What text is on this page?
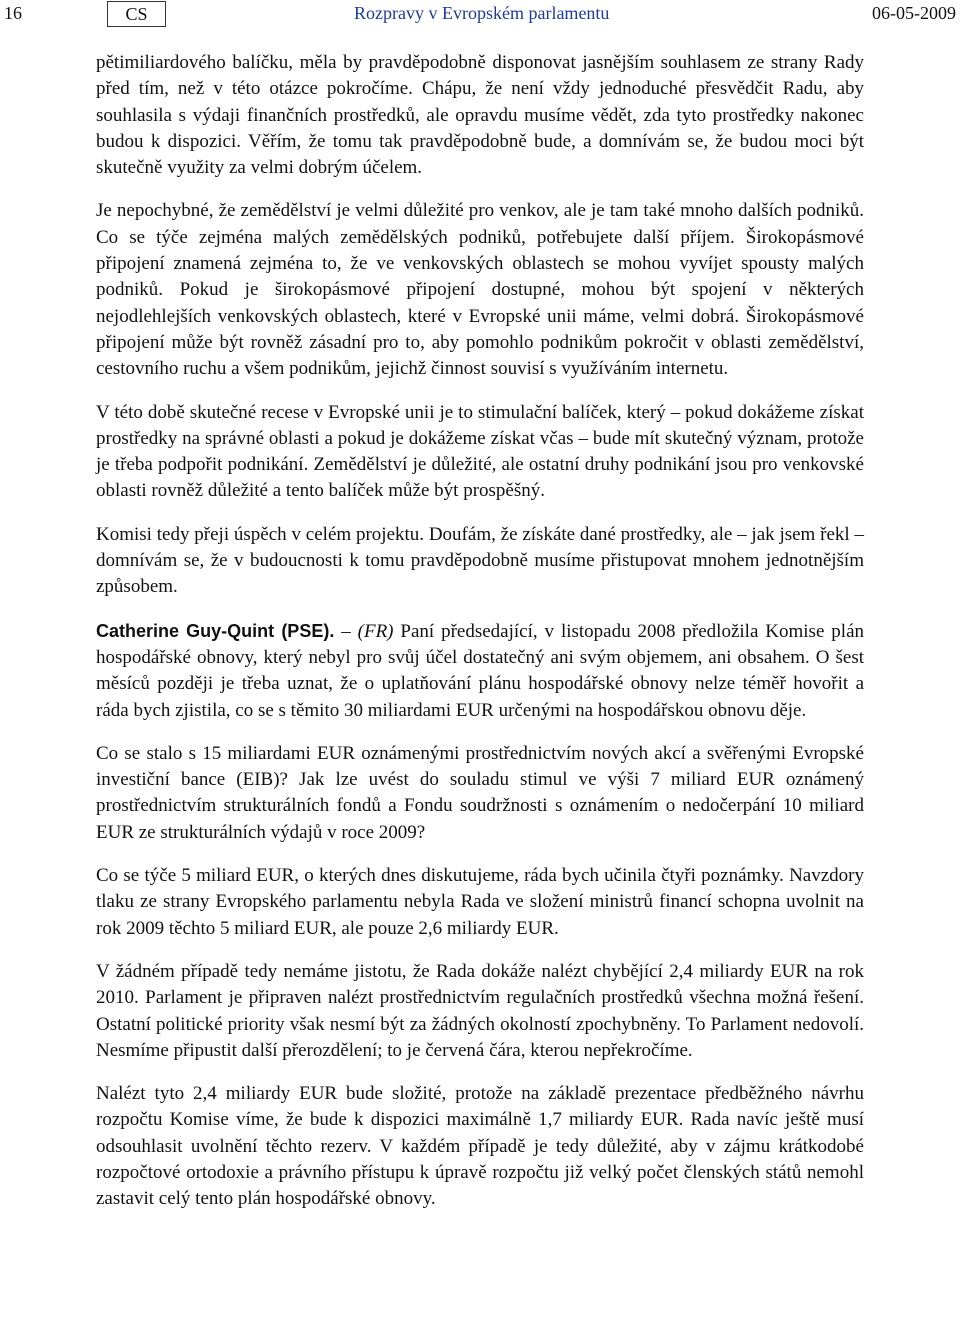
16	CS	Rozpravy v Evropském parlamentu	06-05-2009

pětimiliardového balíčku, měla by pravděpodobně disponovat jasnějším souhlasem ze strany Rady před tím, než v této otázce pokročíme. Chápu, že není vždy jednoduché přesvědčit Radu, aby souhlasila s výdaji finančních prostředků, ale opravdu musíme vědět, zda tyto prostředky nakonec budou k dispozici. Věřím, že tomu tak pravděpodobně bude, a domnívám se, že budou moci být skutečně využity za velmi dobrým účelem.

Je nepochybné, že zemědělství je velmi důležité pro venkov, ale je tam také mnoho dalších podniků. Co se týče zejména malých zemědělských podniků, potřebujete další příjem. Širokopásmové připojení znamená zejména to, že ve venkovských oblastech se mohou vyvíjet spousty malých podniků. Pokud je širokopásmové připojení dostupné, mohou být spojení v některých nejodlehlejších venkovských oblastech, které v Evropské unii máme, velmi dobrá. Širokopásmové připojení může být rovněž zásadní pro to, aby pomohlo podnikům pokročit v oblasti zemědělství, cestovního ruchu a všem podnikům, jejichž činnost souvisí s využíváním internetu.

V této době skutečné recese v Evropské unii je to stimulační balíček, který – pokud dokážeme získat prostředky na správné oblasti a pokud je dokážeme získat včas – bude mít skutečný význam, protože je třeba podpořit podnikání. Zemědělství je důležité, ale ostatní druhy podnikání jsou pro venkovské oblasti rovněž důležité a tento balíček může být prospěšný.

Komisi tedy přeji úspěch v celém projektu. Doufám, že získáte dané prostředky, ale – jak jsem řekl – domnívám se, že v budoucnosti k tomu pravděpodobně musíme přistupovat mnohem jednotnějším způsobem.

Catherine Guy-Quint (PSE). – (FR) Paní předsedající, v listopadu 2008 předložila Komise plán hospodářské obnovy, který nebyl pro svůj účel dostatečný ani svým objemem, ani obsahem. O šest měsíců později je třeba uznat, že o uplatňování plánu hospodářské obnovy nelze téměř hovořit a ráda bych zjistila, co se s těmito 30 miliardami EUR určenými na hospodářskou obnovu děje.

Co se stalo s 15 miliardami EUR oznámenými prostřednictvím nových akcí a svěřenými Evropské investiční bance (EIB)? Jak lze uvést do souladu stimul ve výši 7 miliard EUR oznámený prostřednictvím strukturálních fondů a Fondu soudržnosti s oznámením o nedočerpání 10 miliard EUR ze strukturálních výdajů v roce 2009?

Co se týče 5 miliard EUR, o kterých dnes diskutujeme, ráda bych učinila čtyři poznámky. Navzdory tlaku ze strany Evropského parlamentu nebyla Rada ve složení ministrů financí schopna uvolnit na rok 2009 těchto 5 miliard EUR, ale pouze 2,6 miliardy EUR.

V žádném případě tedy nemáme jistotu, že Rada dokáže nalézt chybějící 2,4 miliardy EUR na rok 2010. Parlament je připraven nalézt prostřednictvím regulačních prostředků všechna možná řešení. Ostatní politické priority však nesmí být za žádných okolností zpochybněny. To Parlament nedovolí. Nesmíme připustit další přerozdělení; to je červená čára, kterou nepřekročíme.

Nalézt tyto 2,4 miliardy EUR bude složité, protože na základě prezentace předběžného návrhu rozpočtu Komise víme, že bude k dispozici maximálně 1,7 miliardy EUR. Rada navíc ještě musí odsouhlasit uvolnění těchto rezerv. V každém případě je tedy důležité, aby v zájmu krátkodobé rozpočtové ortodoxie a právního přístupu k úpravě rozpočtu již velký počet členských států nemohl zastavit celý tento plán hospodářské obnovy.
